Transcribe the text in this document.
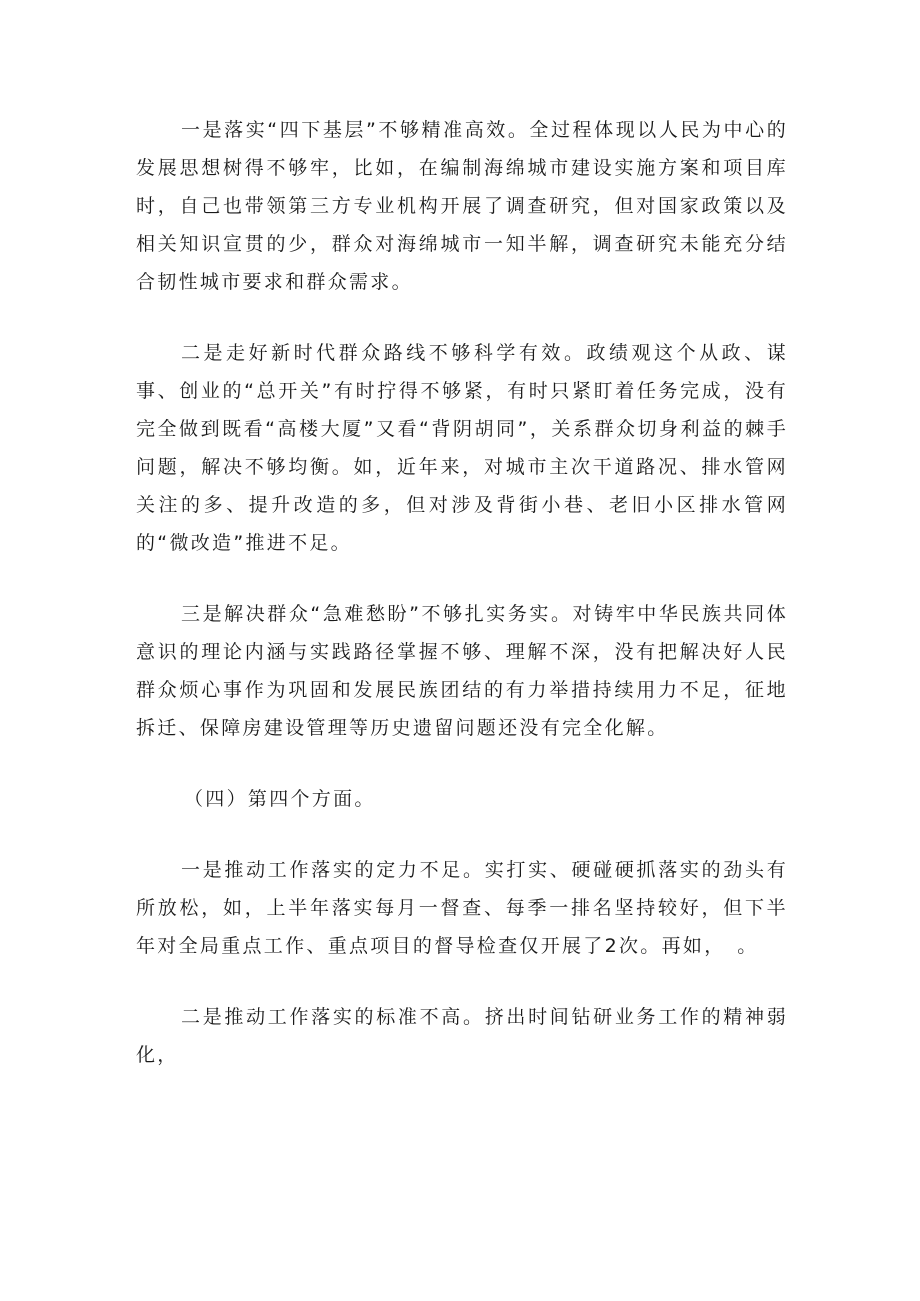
一是落实“四下基层”不够精准高效。全过程体现以人民为中心的发展思想树得不够牢，比如，在编制海绵城市建设实施方案和项目库时，自己也带领第三方专业机构开展了调查研究，但对国家政策以及相关知识宣贯的少，群众对海绵城市一知半解，调查研究未能充分结合韧性城市要求和群众需求。

二是走好新时代群众路线不够科学有效。政绩观这个从政、谋事、创业的“总开关”有时拧得不够紧，有时只紧盯着任务完成，没有完全做到既看“高楼大厦”又看“背阴胡同”，关系群众切身利益的棘手问题，解决不够均衡。如，近年来，对城市主次干道路况、排水管网关注的多、提升改造的多，但对涉及背街小巷、老旧小区排水管网的“微改造”推进不足。

三是解决群众“急难愁盼”不够扎实务实。对铸牢中华民族共同体意识的理论内涵与实践路径掌握不够、理解不深，没有把解决好人民群众烦心事作为巩固和发展民族团结的有力举措持续用力不足，征地拆迁、保障房建设管理等历史遗留问题还没有完全化解。

（四）第四个方面。

一是推动工作落实的定力不足。实打实、硬碰硬抓落实的劲头有所放松，如，上半年落实每月一督查、每季一排名坚持较好，但下半年对全局重点工作、重点项目的督导检查仅开展了2次。再如，　。

二是推动工作落实的标准不高。挤出时间钻研业务工作的精神弱化，
